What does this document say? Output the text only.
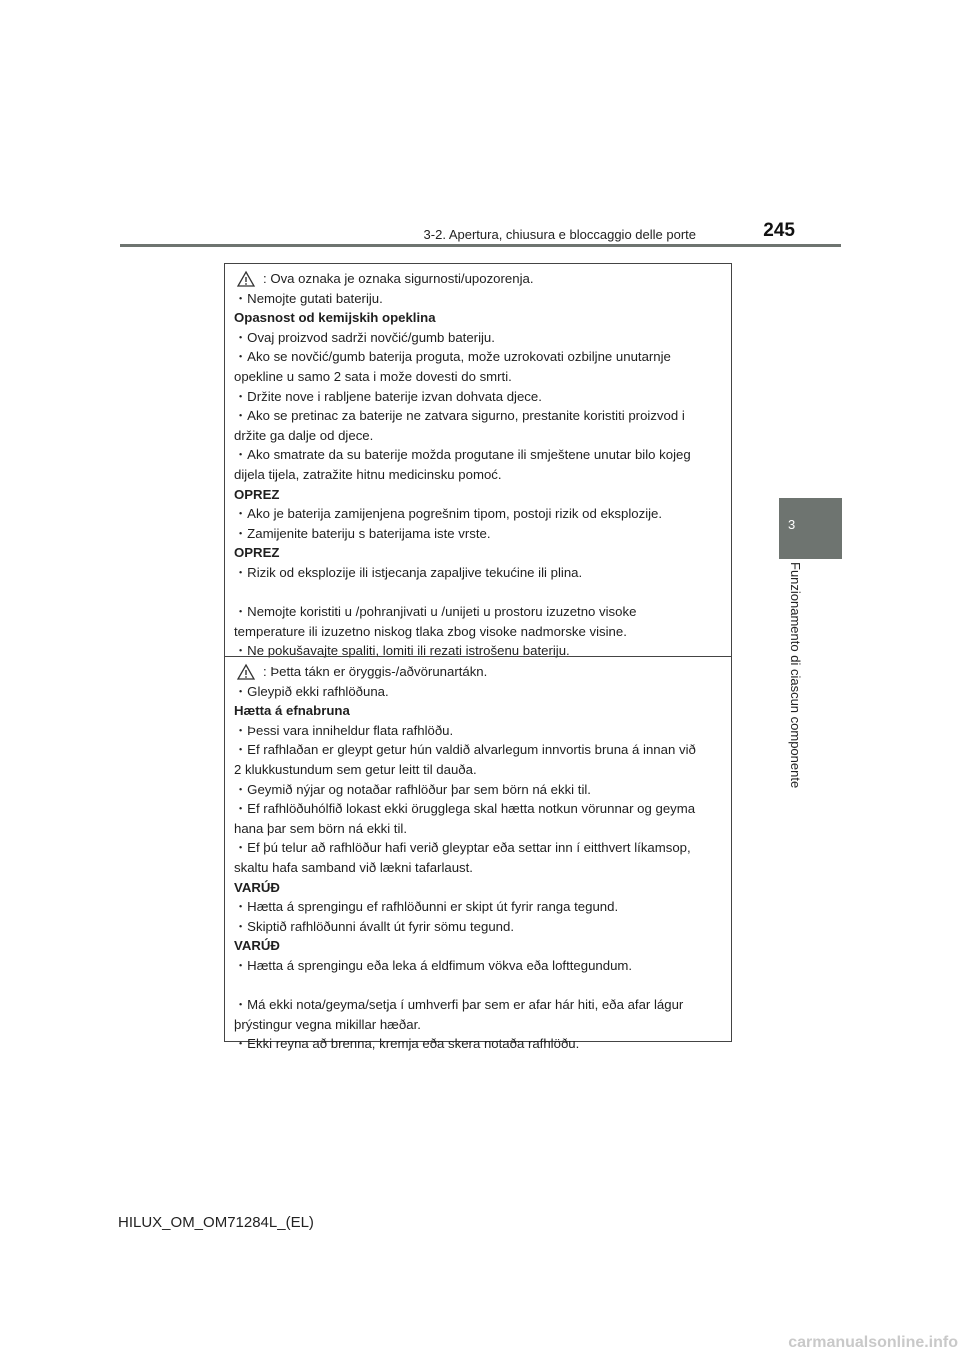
3-2. Apertura, chiusura e bloccaggio delle porte	245
3
Funzionamento di ciascun componente
: Ova oznaka je oznaka sigurnosti/upozorenja.
・Nemojte gutati bateriju.
Opasnost od kemijskih opeklina
・Ovaj proizvod sadrži novčić/gumb bateriju.
・Ako se novčić/gumb baterija proguta, može uzrokovati ozbiljne unutarnje
opekline u samo 2 sata i može dovesti do smrti.
・Držite nove i rabljene baterije izvan dohvata djece.
・Ako se pretinac za baterije ne zatvara sigurno, prestanite koristiti proizvod i
držite ga dalje od djece.
・Ako smatrate da su baterije možda progutane ili smještene unutar bilo kojeg
dijela tijela, zatražite hitnu medicinsku pomoć.
OPREZ
・Ako je baterija zamijenjena pogrešnim tipom, postoji rizik od eksplozije.
・Zamijenite bateriju s baterijama iste vrste.
OPREZ
・Rizik od eksplozije ili istjecanja zapaljive tekućine ili plina.
・Nemojte koristiti u /pohranjivati u /unijeti u prostoru izuzetno visoke
temperature ili izuzetno niskog tlaka zbog visoke nadmorske visine.
・Ne pokušavajte spaliti, lomiti ili rezati istrošenu bateriju.
: Þetta tákn er öryggis-/aðvörunartákn.
・Gleypið ekki rafhlöðuna.
Hætta á efnabruna
・Þessi vara inniheldur flata rafhlöðu.
・Ef rafhlaðan er gleypt getur hún valdið alvarlegum innvortis bruna á innan við
2 klukkustundum sem getur leitt til dauða.
・Geymið nýjar og notaðar rafhlöður þar sem börn ná ekki til.
・Ef rafhlöðuhólfið lokast ekki örugglega skal hætta notkun vörunnar og geyma
hana þar sem börn ná ekki til.
・Ef þú telur að rafhlöður hafi verið gleyptar eða settar inn í eitthvert líkamsop,
skaltu hafa samband við lækni tafarlaust.
VARÚÐ
・Hætta á sprengingu ef rafhlöðunni er skipt út fyrir ranga tegund.
・Skiptið rafhlöðunni ávallt út fyrir sömu tegund.
VARÚÐ
・Hætta á sprengingu eða leka á eldfimum vökva eða lofttegundum.
・Má ekki nota/geyma/setja í umhverfi þar sem er afar hár hiti, eða afar lágur
þrýstingur vegna mikillar hæðar.
・Ekki reyna að brenna, kremja eða skera notaða rafhlöðu.
HILUX_OM_OM71284L_(EL)
carmanualsonline.info
